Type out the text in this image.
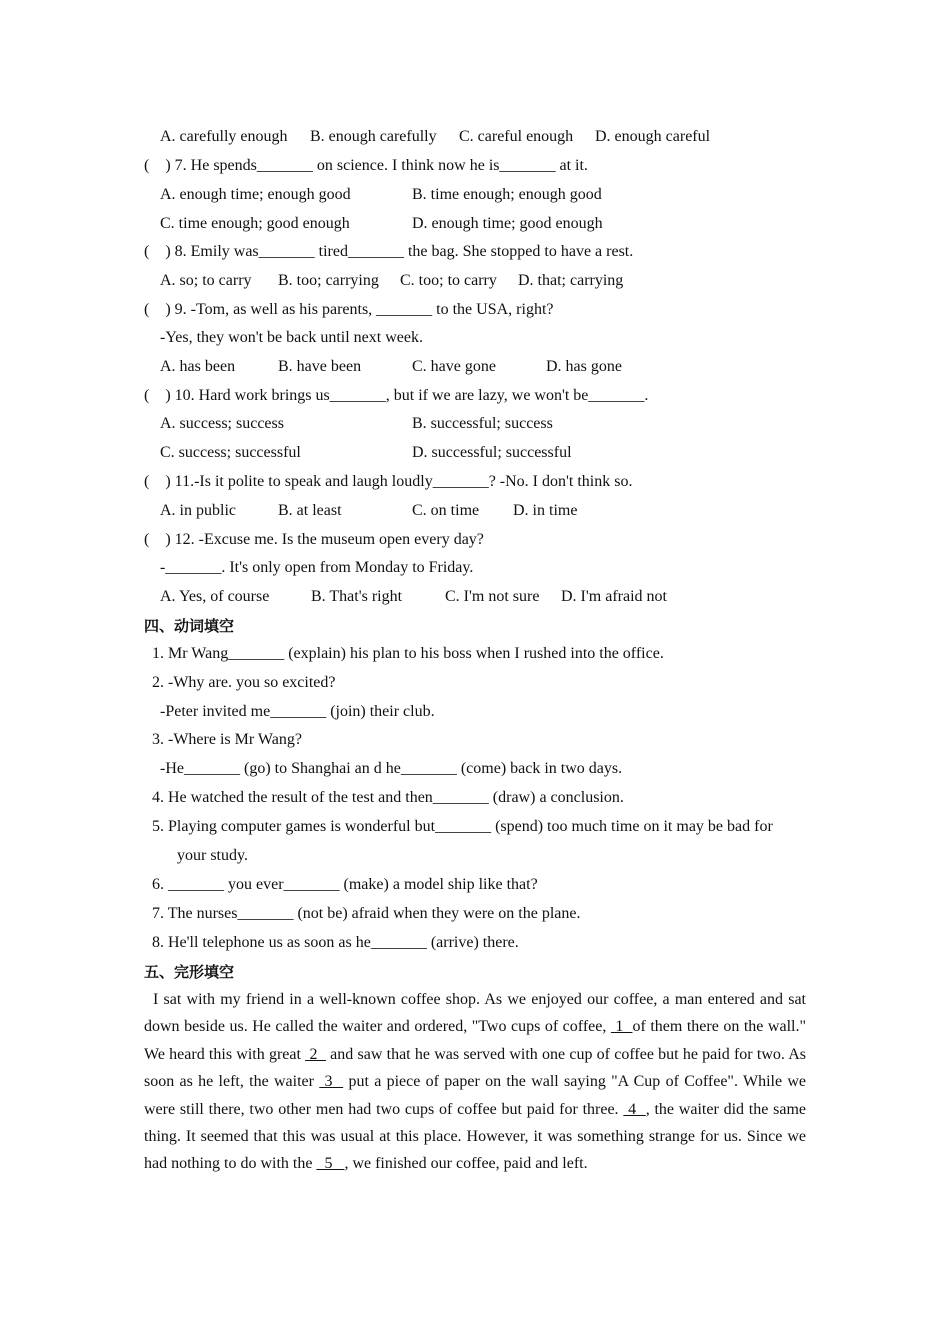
A. carefully enough B. enough carefully C. careful enough D. enough careful
(    ) 7. He spends_______ on science. I think now he is_______ at it.
A. enough time; enough good	B. time enough; enough good
C. time enough; good enough	D. enough time; good enough
(    ) 8. Emily was_______ tired_______ the bag. She stopped to have a rest.
A. so; to carry B. too; carrying C. too; to carry D. that; carrying
(    ) 9. -Tom, as well as his parents, _______ to the USA, right?
-Yes, they won't be back until next week.
A. has been	B. have been	C. have gone	D. has gone
(    ) 10. Hard work brings us_______, but if we are lazy, we won't be_______.
A. success; success	B. successful; success
C. success; successful	D. successful; successful
(    ) 11.-Is it polite to speak and laugh loudly_______? -No. I don't think so.
A. in public	B. at least	C. on time D. in time
(    ) 12. -Excuse me. Is the museum open every day?
-_______. It's only open from Monday to Friday.
A. Yes, of course	B. That's right	C. I'm not sure D. I'm afraid not
四、动词填空
1. Mr Wang_______ (explain) his plan to his boss when I rushed into the office.
2. -Why are. you so excited?
-Peter invited me_______ (join) their club.
3. -Where is Mr Wang?
-He_______ (go) to Shanghai an d he_______ (come) back in two days.
4. He watched the result of the test and then_______ (draw) a conclusion.
5. Playing computer games is wonderful but_______ (spend) too much time on it may be bad for
your study.
6. _______ you ever_______ (make) a model ship like that?
7. The nurses_______ (not be) afraid when they were on the plane.
8. He'll telephone us as soon as he_______ (arrive) there.
五、完形填空
I sat with my friend in a well-known coffee shop. As we enjoyed our coffee, a man entered and sat down beside us. He called the waiter and ordered, "Two cups of coffee,  1  of them there on the wall." We heard this with great  2   and saw that he was served with one cup of coffee but he paid for two. As soon as he left, the waiter  3   put a piece of paper on the wall saying "A Cup of Coffee". While we were still there, two other men had two cups of coffee but paid for three.  4  , the waiter did the same thing. It seemed that this was usual at this place. However, it was something strange for us. Since we had nothing to do with the   5   , we finished our coffee, paid and left.
